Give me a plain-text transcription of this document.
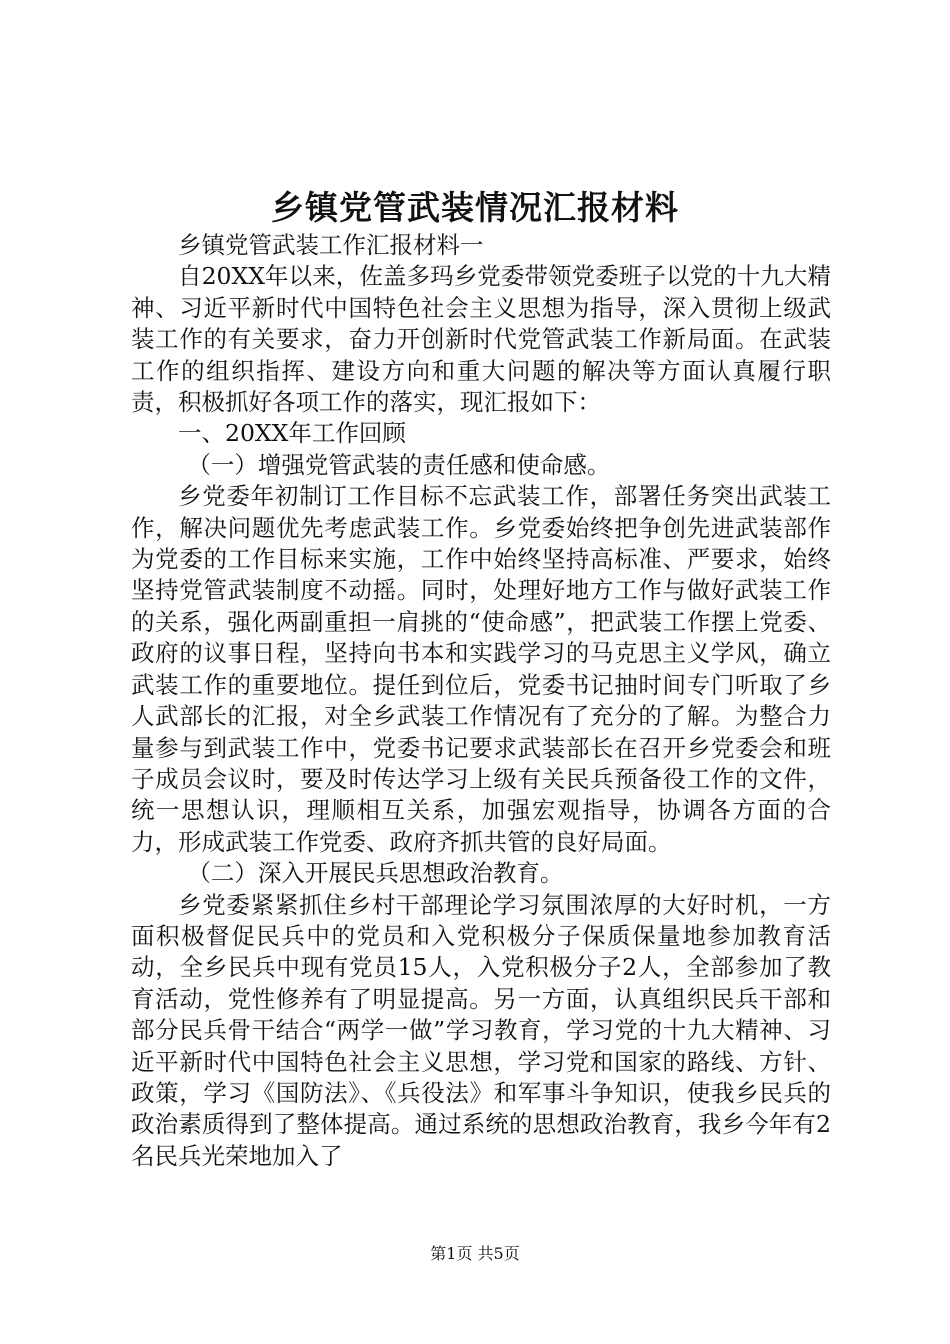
乡镇党管武装情况汇报材料

乡镇党管武装工作汇报材料一

自20XX年以来，佐盖多玛乡党委带领党委班子以党的十九大精神、习近平新时代中国特色社会主义思想为指导，深入贯彻上级武装工作的有关要求，奋力开创新时代党管武装工作新局面。在武装工作的组织指挥、建设方向和重大问题的解决等方面认真履行职责，积极抓好各项工作的落实，现汇报如下：

一、20XX年工作回顾

（一）增强党管武装的责任感和使命感。

乡党委年初制订工作目标不忘武装工作，部署任务突出武装工作，解决问题优先考虑武装工作。乡党委始终把争创先进武装部作为党委的工作目标来实施，工作中始终坚持高标准、严要求，始终坚持党管武装制度不动摇。同时，处理好地方工作与做好武装工作的关系，强化两副重担一肩挑的“使命感”，把武装工作摆上党委、政府的议事日程，坚持向书本和实践学习的马克思主义学风，确立武装工作的重要地位。提任到位后，党委书记抽时间专门听取了乡人武部长的汇报，对全乡武装工作情况有了充分的了解。为整合力量参与到武装工作中，党委书记要求武装部长在召开乡党委会和班子成员会议时，要及时传达学习上级有关民兵预备役工作的文件，统一思想认识，理顺相互关系，加强宏观指导，协调各方面的合力，形成武装工作党委、政府齐抓共管的良好局面。

（二）深入开展民兵思想政治教育。

乡党委紧紧抓住乡村干部理论学习氛围浓厚的大好时机，一方面积极督促民兵中的党员和入党积极分子保质保量地参加教育活动，全乡民兵中现有党员15人，入党积极分子2人，全部参加了教育活动，党性修养有了明显提高。另一方面，认真组织民兵干部和部分民兵骨干结合“两学一做”学习教育，学习党的十九大精神、习近平新时代中国特色社会主义思想，学习党和国家的路线、方针、政策，学习《国防法》、《兵役法》和军事斗争知识，使我乡民兵的政治素质得到了整体提高。通过系统的思想政治教育，我乡今年有2名民兵光荣地加入了

第1页 共5页
